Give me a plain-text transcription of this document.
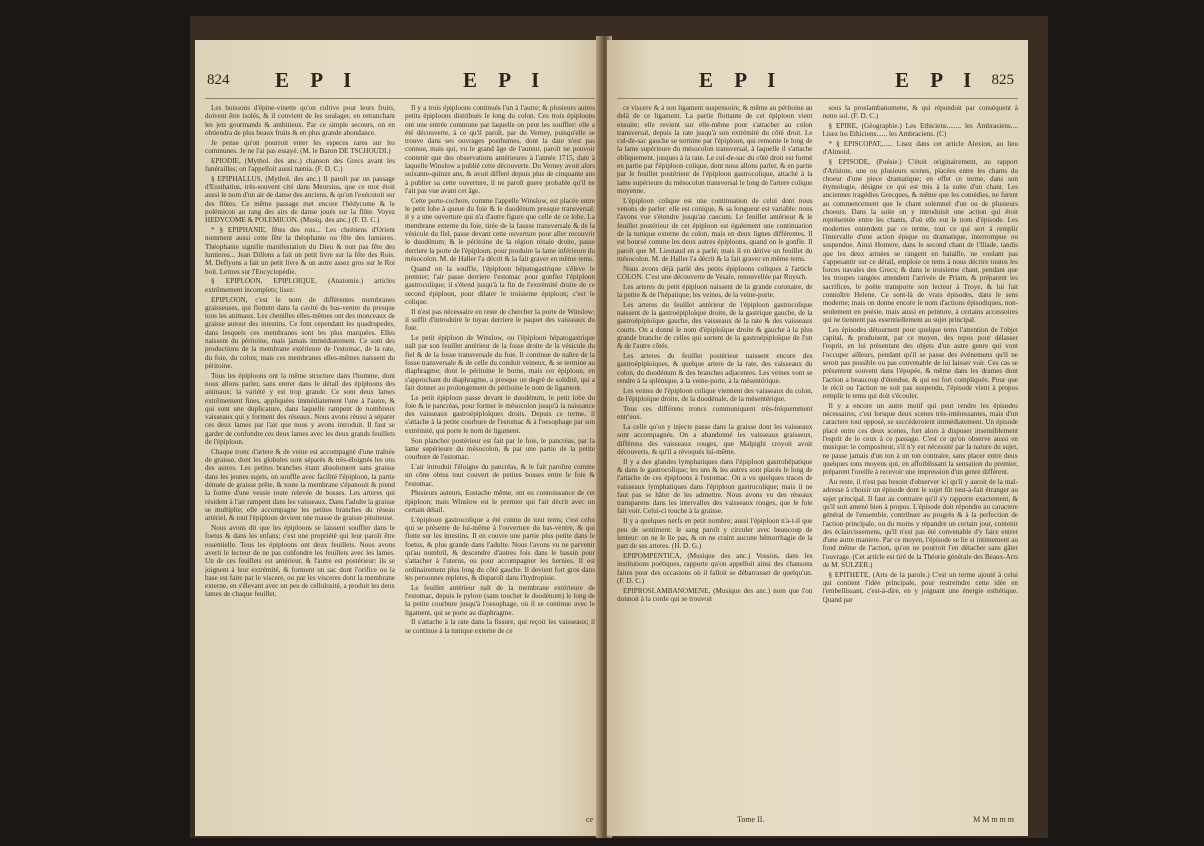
824 E P I	E P I

Les buissons d'épine-vinette qu'on cultive pour leurs fruits, doivent être isolés, & il convient de les soulager, en retranchant les jets gourmands & ambitieux. Par ce simple secours, on en obtiendra de plus beaux fruits & en plus grande abondance.

Je pense qu'on pourroit enter les especes rares sur les communes. Je ne l'ai pas essayé. (M. le Baron DE TSCHOUDI.)

EPIODIE, (Mythol. des anc.) chanson des Grecs avant les funérailles; on l'appelloit aussi nænia. (F. D. C.)

§ EPIPHALLUS, (Mythol. des anc.) Il paroît par un passage d'Eusthatius, très-souvent cité dans Meursius, que ce mot étoit aussi le nom d'un air de danse des anciens, & qu'on l'exécutoit sur des flûtes. Ce même passage met encore l'hédycome & le polémicon au rang des airs de danse joués sur la flûte. Voyez HEDYCOME & POLEMICON. (Musiq. des anc.) (F. D. C.)

* § EPIPHANIE, fêtes des rois... Les chrétiens d'Orient nomment aussi cette fête la théophanie ou fête des lumieres. Théophanie signifie manifestation du Dieu & non pas fête des lumieres... Jean Dillons a fait un petit livre sur la fête des Rois. M. Deflyons a fait un petit livre & un autre assez gros sur le Roi boit. Lettres sur l'Encyclopédie.

§ EPIPLOON, EPIPLOIQUE, (Anatomie.) articles extrêmement incomplets; lisez:

EPIPLOON, c'est le nom de différentes membranes graisseuses, qui flottent dans la cavité du bas-ventre du presque tous les animaux. Les chenilles elles-mêmes ont des monceaux de graisse autour des intestins. Ce font cependant les quadrupedes, dans lesquels ces membranes sont les plus marquées. Elles naissent du péritoine, mais jamais immédiatement. Ce sont des productions de la membrane extérieure de l'estomac, de la rate, du foie, du colon; mais ces membranes elles-mêmes naissent du péritoine.

Tous les épiploons ont la même structure dans l'homme, dont nous allons parler, sans entrer dans le détail des épiploons des animaux; la variété y est trop grande. Ce sont deux lames extrêmement fines, appliquées immédiatement l'une à l'autre, & qui sont une duplicature, dans laquelle rampent de nombreux vaisseaux qui y forment des réseaux. Nous avons réussi à séparer ces deux lames par l'air que nous y avons introduit. Il faut se garder de confondre ces deux lames avec les deux grands feuillets de l'épiploon.

Chaque tronc d'artere & de veine est accompagné d'une traînée de graisse, dont les globules sont séparés & très-éloignés les uns des autres. Les petites branches étant absolument sans graisse dans les jeunes sujets, on souffle avec facilité l'épiploon, la partie dénuée de graisse prête, & toute la membrane s'épanouit & prend la forme d'une vessie toute relevée de bosses. Les arteres qui résident à l'air rampent dans les vaisseaux. Dans l'adulte la graisse se multiplie; elle accompagne les petites branches du réseau artériel, & tout l'épiploon devient une masse de graisse pituiteuse.

Nous avons dit que les épiploons se laissent souffler dans le foetus & dans les enfans; c'est une propriété qui leur paroît être essentielle. Tous les épiploons ont deux feuillets. Nous avons averti le lecteur de ne pas confondre les feuillets avec les lames. Un de ces feuillets est antérieur, & l'autre est postérieur: ils se joignent à leur extrémité, & forment un sac dont l'orifice ou la base est faite par le viscere, ou par les visceres dont la membrane externe, en s'élevant avec un peu de cellulosité, a produit les deux lames de chaque feuillet.

Il y a trois épiploons continués l'un à l'autre; & plusieurs autres petits épiploons distribués le long du colon. Ces trois épiploons ont une entrée commune par laquelle on peut les souffler: elle a été découverte, à ce qu'il paroît, par du Verney, puisqu'elle se trouve dans ses ouvrages posthumes, dont la date n'est pas connue, mais qui, vu le grand âge de l'auteur, paroît ne pouvoir contenir que des observations antérieures à l'année 1715, date à laquelle Winslow a publié cette découverte. Du Verney avoit alors soixante-quinze ans, & avoit differé depuis plus de cinquante ans à publier sa cette ouverture, il ne paroît guere probable qu'il ne l'ait pas vue avant cet âge.

Cette porte-cochere, comme l'appelle Winslow, est placée entre le petit lobe à queue du foie & le duodénum presque transversal; il y a une ouverture qui n'a d'autre figure que celle de ce lobe. La membrane externe du foie, tirée de la fausse transversale & de la vésicule du fiel, passe devant cette ouverture pour aller recouvrir le duodénum; & le péritoine de la région rénale droite, passe derriere la porte de l'épiploon, pour produire la lame inférieure du mésocolon. M. de Haller l'a décrit & la fait graver en même tems.

Quand on la souffle, l'épiploon hépatogastrique s'éleve le premier; l'air passe derriere l'estomac pour gonfler l'épiploon gastrocolique; il s'étend jusqu'à la fin de l'extrémité droite de ce second épiploon, pour dilater le troisieme épiploon; c'est le colique.

Il n'est pas nécessaire en reste de chercher la porte de Winslow; il suffit d'introduire le tuyau derriere le paquet des vaisseaux du foie.

Le petit épiploon de Winslow, ou l'épiploon hépatogastrique naît par son feuillet antérieur de la fosse droite de la vésicule du fiel & de la fosse transversale du foie. Il continue de naître de la fosse transversale & de celle du conduit veineux, & se termine au diaphragme; dont le péritoine le borne, mais cet épiploon, en s'approchant du diaphragme, a presque un degré de solidité, qui a fait donner au prolongement du péritoine le nom de ligament.

Le petit épiploon passe devant le duodénum, le petit lobe du foie & le pancréas, pour former le mésocolon jusqu'à la naissance des vaisseaux gastroépiploïques droits. Depuis ce terme, il s'attache à la petite courbure de l'estomac & à l'oesophage par son extrémité, qui porte le nom de ligament.

Son plancher postérieur est fait par le foie, le pancréas, par la lame supérieure du mésocolon, & par une partie de la petite courbure de l'estomac.

L'air introduit l'éloigne du pancréas, & le fait paroître comme un cône obtus tout couvert de petites bosses entre le foie & l'estomac.

Plusieurs auteurs, Eustache même, ont eu connoissance de cet épiploon; mais Winslow est le premier qui l'ait décrit avec un certain détail.

L'épiploon gastrocolique a été connu de tout tems; c'est celui qui se présente de lui-même à l'ouverture du bas-ventre, & qui flotte sur les intestins. Il en couvre une partie plus petite dans le foetus, & plus grande dans l'adulte. Nous l'avons vu ne parvenir qu'au nombril, & descendre d'autres fois dans le bassin pour s'attacher à l'uterus, ou pour accompagner les hernies. Il est ordinairement plus long du côté gauche. Il devient fort gros dans les personnes repletes, & disparoît dans l'hydropisie.

Le feuillet antérieur naît de la membrane extérieure de l'estomac, depuis le pylore (sans toucher le duodénum) le long de la petite courbure jusqu'à l'oesophage, où il se continue avec le ligament, qui se porte au diaphragme.

Il s'attache à la rate dans la fissure, qui reçoit les vaisseaux; il se continue à la tunique externe de ce

ce
E P I	E P I 825

ce viscere & à son ligament suspensoire, & même au péritoine au delà de ce ligament. La partie flottante de cet épiploon vient ensuite; elle revient sur elle-même pour s'attacher au colon transversal, depuis la rate jusqu'à son extrémité du côté droit. Le cul-de-sac gauche se termine par l'épiploon, qui remonte le long de la lame supérieure du mésocolon transversal, à laquelle il s'attache obliquement, jusques à la rate. Le cul-de-sac du côté droit est formé en partie par l'épiploon colique, dont nous allons parler, & en partie par le feuillet postérieur de l'épiploon gastrocolique, attaché à la lame supérieure du mésocolon transversal le long de l'artere colique moyenne.

L'épiploon colique est une continuation de celui dont nous venons de parler: elle est conique, & sa longueur est variable: nous l'avons vue s'étendre jusqu'au caecum. Le feuillet antérieur & le feuillet postérieur de cet épiploon est également une continuation de la tunique externe du colon, mais en deux lignes différentes. Il est boursé comme les deux autres épiploons, quand on le gonfle. Il paroît que M. Lieutaud en a parlé; mais il en dérive un feuillet du mésocolon. M. de Haller l'a décrit & la fait graver en même tems.

Nous avons déjà parlé des petits épiploons coliques à l'article COLON. C'est une découverte de Vesale, renouvellée par Ruysch.

Les arteres du petit épiploon naissent de la grande coronaire, de la petite & de l'hépatique; les veines, de la veine-porte.

Les arteres du feuillet antérieur de l'épiploon gastrocolique naissent de la gastroépiploïque droite, de la gastrique gauche, de la gastroépiploïque gauche, des vaisseaux de la rate & des vaisseaux courts. On a donné le nom d'épiploïque droite & gauche à la plus grande branche de celles qui sortent de la gastroépiploïque de l'un & de l'autre côtés.

Les arteres du feuillet postérieur naissent encore des gastroépiploïques, & quelque artere de la rate, des vaisseaux du colon, du duodénum & des branches adjacentes. Les veines vont se rendre à la splénique, à la veine-porte, à la mésentérique.

Les veines de l'épiploon colique viennent des vaisseaux du colon, de l'épiploïque droite, de la duodénale, de la mésentérique.

Tous ces différens troncs communiquent très-fréquemment entr'eux.

La celle qu'on y injecte passe dans la graisse dont les vaisseaux sont accompagnés. On a abandonné les vaisseaux graisseux, différens des vaisseaux rouges, que Malpighi croyoit avoir découverts, & qu'il a révoqués lui-même.

Il y a des glandes lymphatiques dans l'épiploon gastrohépatique & dans le gastrocolique; les uns & les autres sont placés le long de l'attache de ces épiploons à l'estomac. On a vu quelques traces de vaisseaux lymphatiques dans l'épiploon gastrocolique; mais il ne faut pas se hâter de les admettre. Nous avons vu des réseaux transparens dans les intervalles des vaisseaux rouges, que le foie fait voir. Celui-ci touche à la graisse.

Il y a quelques nerfs en petit nombre; aussi l'épiploon n'a-t-il que peu de sentiment: le sang paroît y circuler avec beaucoup de lenteur: on ne le lie pas, & on ne craint aucune hémorrhagie de la part de ses arteres. (H. D. G.)

EPIPOMPENTICA, (Musique des anc.) Vossius, dans les institutions poétiques, rapporte qu'on appelloit ainsi des chansons faites pour des occasions où il falloit se débarrasser de quelqu'un. (F. D. C.)

EPIPROSLAMBANOMENE, (Musique des anc.) nom que l'on donnoit à la corde qui se trouvoit

sous la proslambanomene, & qui répondoit par conséquent à notre sol. (F. D. C.)

§ EPIRE, (Géographie.) Les Ethiciens........ les Ambrasiens.... Lisez les Ethiciens...... les Ambraciens. (C)

* § EPISCOPAT,...... Lisez dans cet article Alexion, au lieu d'Almoid.

§ EPISODE, (Poésie.) C'étoit originairement, au rapport d'Aristote, une ou plusieurs scenes, placées entre les chants du choeur d'une piece dramatique; en effet ce terme, dans son étymologie, désigne ce qui est mis à la suite d'un chant. Les anciennes tragédies Grecques, & même que les comédies, ne furent au commencement que le chant solemnel d'un ou de plusieurs choeurs. Dans la suite on y introduisit une action qui étoit représentée entre les chants, d'où elle eut le nom d'épisode. Les modernes entendent par ce terme, tout ce qui sert à remplir l'intervalle d'une action épique ou dramatique, interrompue ou suspendue. Ainsi Homere, dans le second chant de l'Iliade, tandis que les deux armées se rangent en bataille, ne voulant pas s'appesantir sur ce détail, emploie ce tems à nous décrire toutes les forces navales des Grecs; & dans le troisieme chant, pendant que les troupes rangées attendent l'arrivée de Priam, & préparent les sacrifices, le poëte transporte son lecteur à Troye, & lui fait connoître Helene. Ce sont-là de vrais épisodes, dans le sens moderne; mais on donne encore le nom d'actions épisodiques, non-seulement en poésie, mais aussi en peinture, à certains accessoires qui ne tiennent pas essentiellement au sujet principal.

Les épisodes détournent pour quelque tems l'attention de l'objet capital, & produisent, par ce moyen, des repos pour délasser l'esprit, en lui présentant des objets d'un autre genre qui vont l'occuper ailleurs, pendant qu'il se passe des événemens qu'il ne seroit pas possible ou pas convenable de lui laisser voir. Ces cas se présentent souvent dans l'épopée, & même dans les drames dont l'action a beaucoup d'étendue, & qui est fort compliquée. Pour que le récit ou l'action ne soit pas suspendu, l'épisode vient à propos remplir le tems qui doit s'écouler.

Il y a encore un autre motif qui peut rendre les épisodes nécessaires, c'est lorsque deux scenes très-intéressantes, mais d'un caractere tout opposé, se succéderoient immédiatement. Un épisode placé entre ces deux scenes, fort alors à disposer insensiblement l'esprit de le ceux à ce passage. C'est ce qu'on observe aussi en musique: le compositeur, s'il n'y est nécessité par la nature du sujet, ne passe jamais d'un ton à un ton contraire, sans placer entre deux quelques tons moyens qui, en affoiblissant la sensation du premier, préparent l'oreille à recevoir une impression d'un genre différent.

Au reste, il n'est pas besoin d'observer ici qu'il y auroit de la mal-adresse à choisir un épisode dont le sujet fût tout-à-fait étranger au sujet principal. Il faut au contraire qu'il s'y rapporte exactement, & qu'il soit amené bien à propos. L'épisode doit répondre au caractere général de l'ensemble, contribuer au progrès & à la perfection de l'action principale, ou du moins y répandre un certain jour, contenir des éclaircissemens, qu'il n'est pas été convenable d'y faire entrer d'une autre maniere. Par ce moyen, l'épisode se lie si intimement au fond même de l'action, qu'on ne pourroit l'en détacher sans gâter l'ouvrage. (Cet article est tiré de la Théorie générale des Beaux-Arts de M. SULZER.)

§ EPITHETE, (Arts de la parole.) C'est un terme ajouté à celui qui contient l'idée principale, pour restreindre cette idée en l'embellissant, c'est-à-dire, en y joignant une énergie esthétique. Quand par

Tome II.	M M m m m
